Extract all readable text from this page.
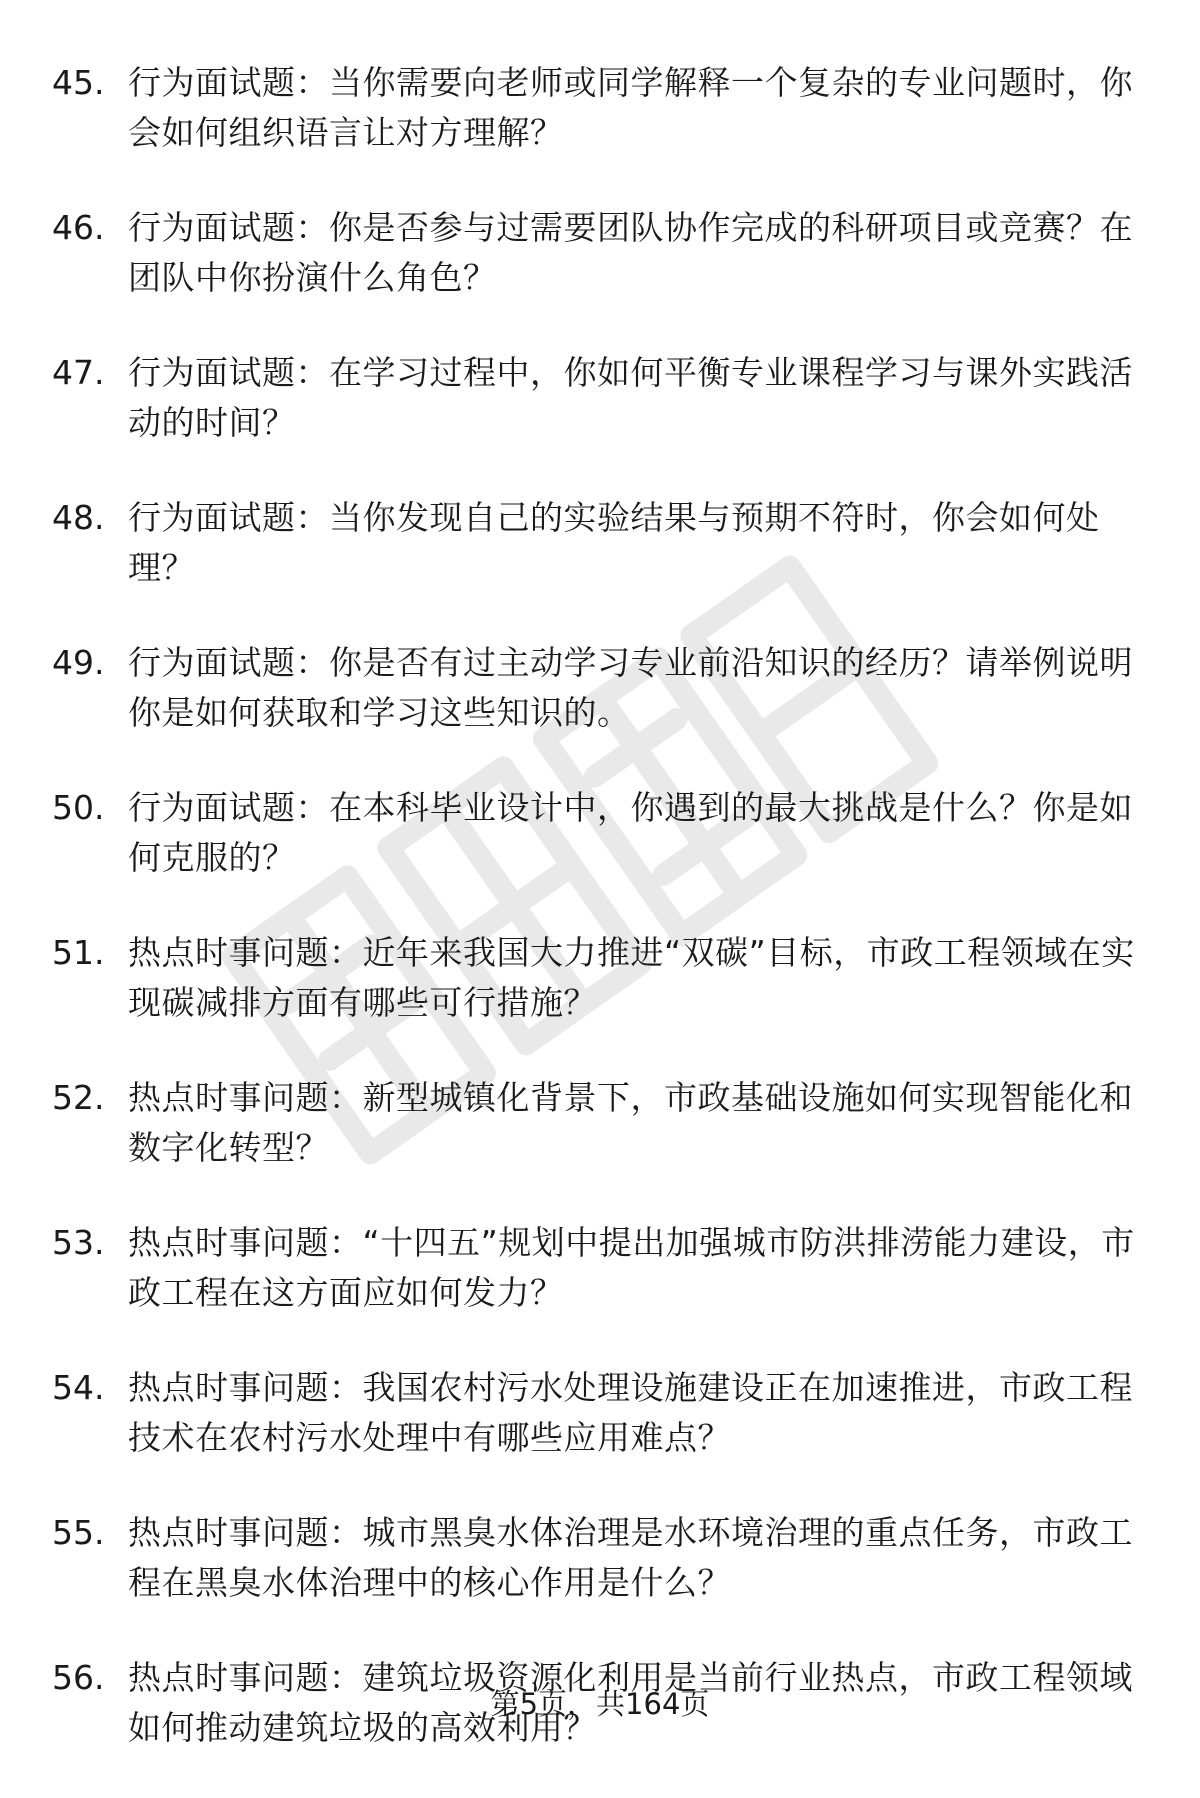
45. 行为面试题：当你需要向老师或同学解释一个复杂的专业问题时，你会如何组织语言让对方理解？
46. 行为面试题：你是否参与过需要团队协作完成的科研项目或竞赛？在团队中你扮演什么角色？
47. 行为面试题：在学习过程中，你如何平衡专业课程学习与课外实践活动的时间？
48. 行为面试题：当你发现自己的实验结果与预期不符时，你会如何处理？
49. 行为面试题：你是否有过主动学习专业前沿知识的经历？请举例说明你是如何获取和学习这些知识的。
50. 行为面试题：在本科毕业设计中，你遇到的最大挑战是什么？你是如何克服的？
51. 热点时事问题：近年来我国大力推进“双碳”目标，市政工程领域在实现碳减排方面有哪些可行措施？
52. 热点时事问题：新型城镇化背景下，市政基础设施如何实现智能化和数字化转型？
53. 热点时事问题：“十四五”规划中提出加强城市防洪排涝能力建设，市政工程在这方面应如何发力？
54. 热点时事问题：我国农村污水处理设施建设正在加速推进，市政工程技术在农村污水处理中有哪些应用难点？
55. 热点时事问题：城市黑臭水体治理是水环境治理的重点任务，市政工程在黑臭水体治理中的核心作用是什么？
56. 热点时事问题：建筑垃圾资源化利用是当前行业热点，市政工程领域如何推动建筑垃圾的高效利用？
第5页，共164页
